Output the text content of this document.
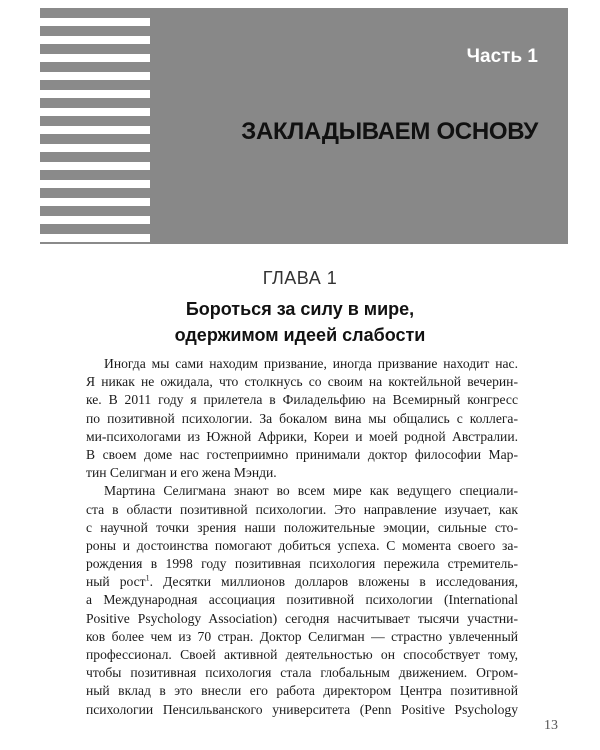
Часть 1
ЗАКЛАДЫВАЕМ ОСНОВУ
ГЛАВА 1
Бороться за силу в мире,
одержимом идеей слабости
Иногда мы сами находим призвание, иногда призвание находит нас.
Я никак не ожидала, что столкнусь со своим на коктейльной вечерин-
ке. В 2011 году я прилетела в Филадельфию на Всемирный конгресс
по позитивной психологии. За бокалом вина мы общались с коллега-
ми-психологами из Южной Африки, Кореи и моей родной Австралии.
В своем доме нас гостеприимно принимали доктор философии Мар-
тин Селигман и его жена Мэнди.
Мартина Селигмана знают во всем мире как ведущего специали-
ста в области позитивной психологии. Это направление изучает, как
с научной точки зрения наши положительные эмоции, сильные сто-
роны и достоинства помогают добиться успеха. С момента своего за-
рождения в 1998 году позитивная психология пережила стремитель-
ный рост$^1$. Десятки миллионов долларов вложены в исследования,
а Международная ассоциация позитивной психологии (International
Positive Psychology Association) сегодня насчитывает тысячи участни-
ков более чем из 70 стран. Доктор Селигман — страстно увлеченный
профессионал. Своей активной деятельностью он способствует тому,
чтобы позитивная психология стала глобальным движением. Огром-
ный вклад в это внесли его работа директором Центра позитивной
психологии Пенсильванского университета (Penn Positive Psychology
13
